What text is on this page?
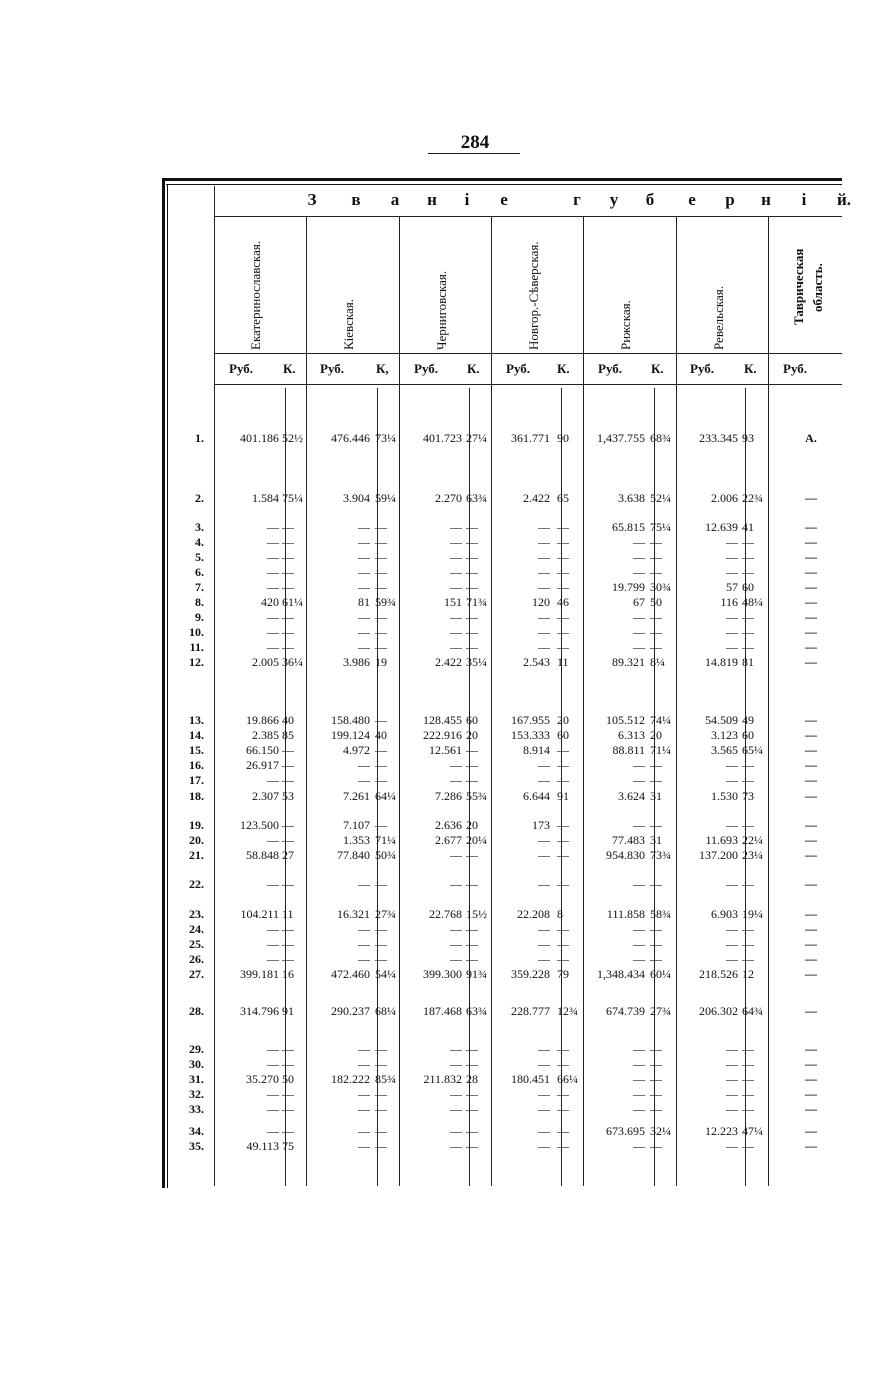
284
З	в	а	н	і	е	г	у	б	е	р	н	і	й.
Екатеринославская.	Кіевская.	Черниговская.	Новгор.-Сѣверская.	Рижская.	Ревельская.	Таврическая область.
Руб.	Руб.	Руб.	Руб.	Руб.	Руб.	Руб.
К.	К,	К.	К.	К.	К.
1.	401.186 52½	476.446 73¼	401.723 27¼	361.771 90	1,437.755 68¾	233.345 93	А.
2.	1.584 75¼	3.904 59¼	2.270 63¾	2.422 65	3.638 52¼	2.006 22¾	—
3.	— —	— —	— —	— —	65.815 75¼	12.639 41	—
4.	— —	— —	— —	— —	— —	— —	—
5.	— —	— —	— —	— —	— —	— —	—
6.	— —	— —	— —	— —	— —	— —	—
7.	— —	— —	— —	— —	19.799 30¾	57 60	—
8.	420 61¼	81 59¾	151 71¾	120 46	67 50	116 48¼	—
9.	— —	— —	— —	— —	— —	— —	—
10.	— —	— —	— —	— —	— —	— —	—
11.	— —	— —	— —	— —	— —	— —	—
12.	2.005 36¼	3.986 19	2.422 35¼	2.543 11	89.321 8¼	14.819 81	—
13.	19.866 40	158.480 —	128.455 60	167.955 20	105.512 74¼	54.509 49	—
14.	2.385 85	199.124 40	222.916 20	153.333 60	6.313 20	3.123 60	—
15.	66.150 —	4.972 —	12.561 —	8.914 —	88.811 71¼	3.565 65¼	—
16.	26.917 —	— —	— —	— —	— —	— —	—
17.	— —	— —	— —	— —	— —	— —	—
18.	2.307 53	7.261 64¼	7.286 55¾	6.644 91	3.624 31	1.530 73	—
19.	123.500 —	7.107 —	2.636 20	173 —	— —	— —	—
20.	— —	1.353 71¼	2.677 20¼	— —	77.483 31	11.693 22¼	—
21.	58.848 27	77.840 50¾	— —	— —	954.830 73¾	137.200 23¼	—
22.	— —	— —	— —	— —	— —	— —	—
23.	104.211 11	16.321 27¾	22.768 15½	22.208 8	111.858 58¾	6.903 19¼	—
24.	— —	— —	— —	— —	— —	— —	—
25.	— —	— —	— —	— —	— —	— —	—
26.	— —	— —	— —	— —	— —	— —	—
27.	399.181 16	472.460 54¼	399.300 91¾	359.228 79	1,348.434 60¼	218.526 12	—
28.	314.796 91	290.237 68¼	187.468 63¾	228.777 12¾	674.739 27¾	206.302 64¾	—
29.	— —	— —	— —	— —	— —	— —	—
30.	— —	— —	— —	— —	— —	— —	—
31.	35.270 50	182.222 85¾	211.832 28	180.451 66¼	— —	— —	—
32.	— —	— —	— —	— —	— —	— —	—
33.	— —	— —	— —	— —	— —	— —	—
34.	— —	— —	— —	— —	673.695 32¼	12.223 47¼	—
35.	49.113 75	— —	— —	— —	— —	— —	—
